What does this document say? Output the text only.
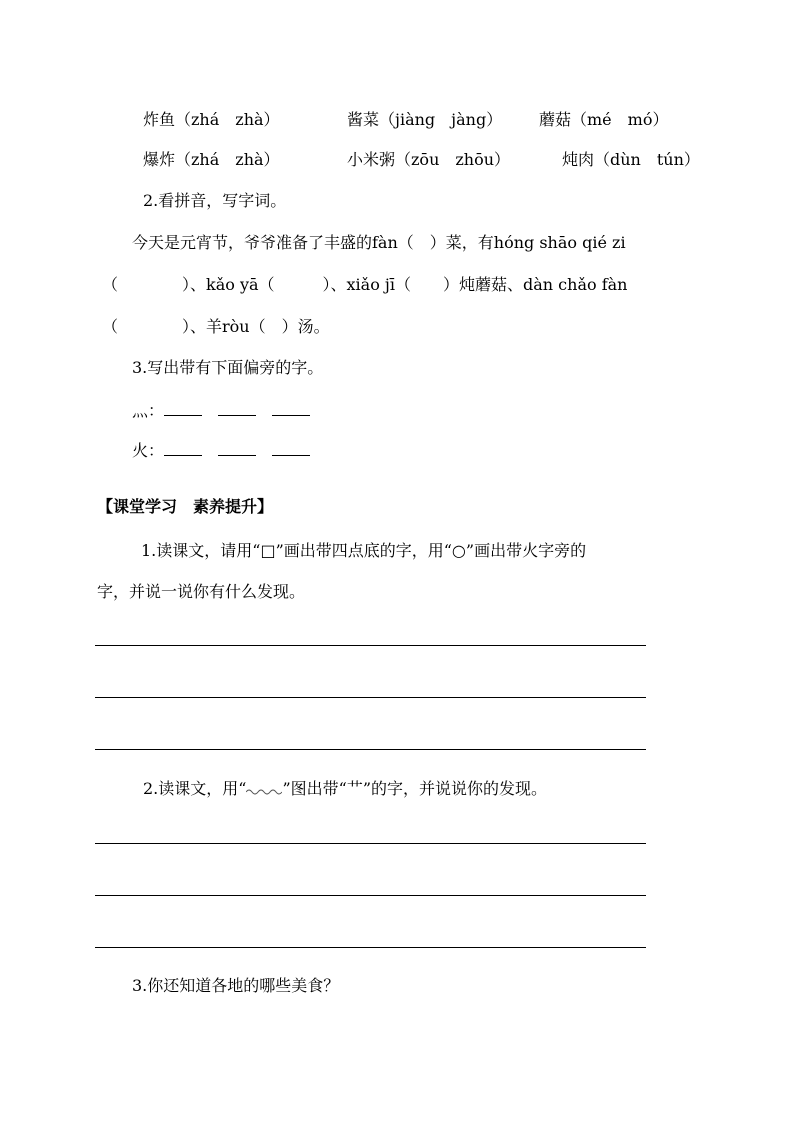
炸鱼（zhá　zhà）	酱菜（jiàng　jàng） 蘑菇（mé　mó）
爆炸（zhá　zhà）	小米粥（zōu　zhōu）	炖肉（dùn　tún）
2.看拼音，写字词。
今天是元宵节，爷爷准备了丰盛的fàn（　）菜，有hóng shāo qié zi
（　　　　）、kǎo yā（　　　）、xiǎo jī（　　）炖蘑菇、dàn chǎo fàn
（　　　　）、羊ròu（　）汤。
3.写出带有下面偏旁的字。
灬：
火：
【课堂学习　素养提升】
1.读课文，请用“□”画出带四点底的字，用“○”画出带火字旁的
字，并说一说你有什么发现。
2.读课文，用“ ”图出带“艹”的字，并说说你的发现。
3.你还知道各地的哪些美食？
